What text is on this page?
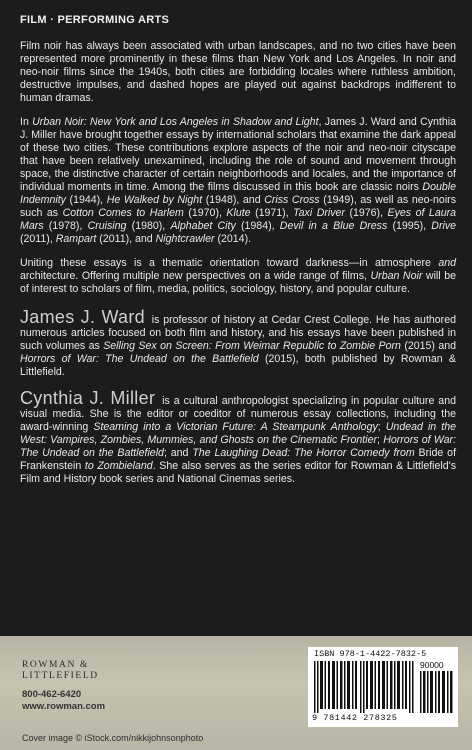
FILM · PERFORMING ARTS

Film noir has always been associated with urban landscapes, and no two cities have been represented more prominently in these films than New York and Los Angeles. In noir and neo-noir films since the 1940s, both cities are forbidding locales where ruthless ambition, destructive impulses, and dashed hopes are played out against backdrops indifferent to human dramas.

In Urban Noir: New York and Los Angeles in Shadow and Light, James J. Ward and Cynthia J. Miller have brought together essays by international scholars that examine the dark appeal of these two cities. These contributions explore aspects of the noir and neo-noir cityscape that have been relatively unexamined, including the role of sound and movement through space, the distinctive character of certain neighborhoods and locales, and the importance of individual moments in time. Among the films discussed in this book are classic noirs Double Indemnity (1944), He Walked by Night (1948), and Criss Cross (1949), as well as neo-noirs such as Cotton Comes to Harlem (1970), Klute (1971), Taxi Driver (1976), Eyes of Laura Mars (1978), Cruising (1980), Alphabet City (1984), Devil in a Blue Dress (1995), Drive (2011), Rampart (2011), and Nightcrawler (2014).

Uniting these essays is a thematic orientation toward darkness—in atmosphere and architecture. Offering multiple new perspectives on a wide range of films, Urban Noir will be of interest to scholars of film, media, politics, sociology, history, and popular culture.

James J. Ward is professor of history at Cedar Crest College. He has authored numerous articles focused on both film and history, and his essays have been published in such volumes as Selling Sex on Screen: From Weimar Republic to Zombie Porn (2015) and Horrors of War: The Undead on the Battlefield (2015), both published by Rowman & Littlefield.
Cynthia J. Miller is a cultural anthropologist specializing in popular culture and visual media. She is the editor or coeditor of numerous essay collections, including the award-winning Steaming into a Victorian Future: A Steampunk Anthology; Undead in the West: Vampires, Zombies, Mummies, and Ghosts on the Cinematic Frontier; Horrors of War: The Undead on the Battlefield; and The Laughing Dead: The Horror Comedy from Bride of Frankenstein to Zombieland. She also serves as the series editor for Rowman & Littlefield's Film and History book series and National Cinemas series.
ROWMAN &
LITTLEFIELD
800-462-6420
www.rowman.com
ISBN 978-1-4422-7832-5
90000
9 781442 278325
Cover image © iStock.com/nikkijohnsonphoto
